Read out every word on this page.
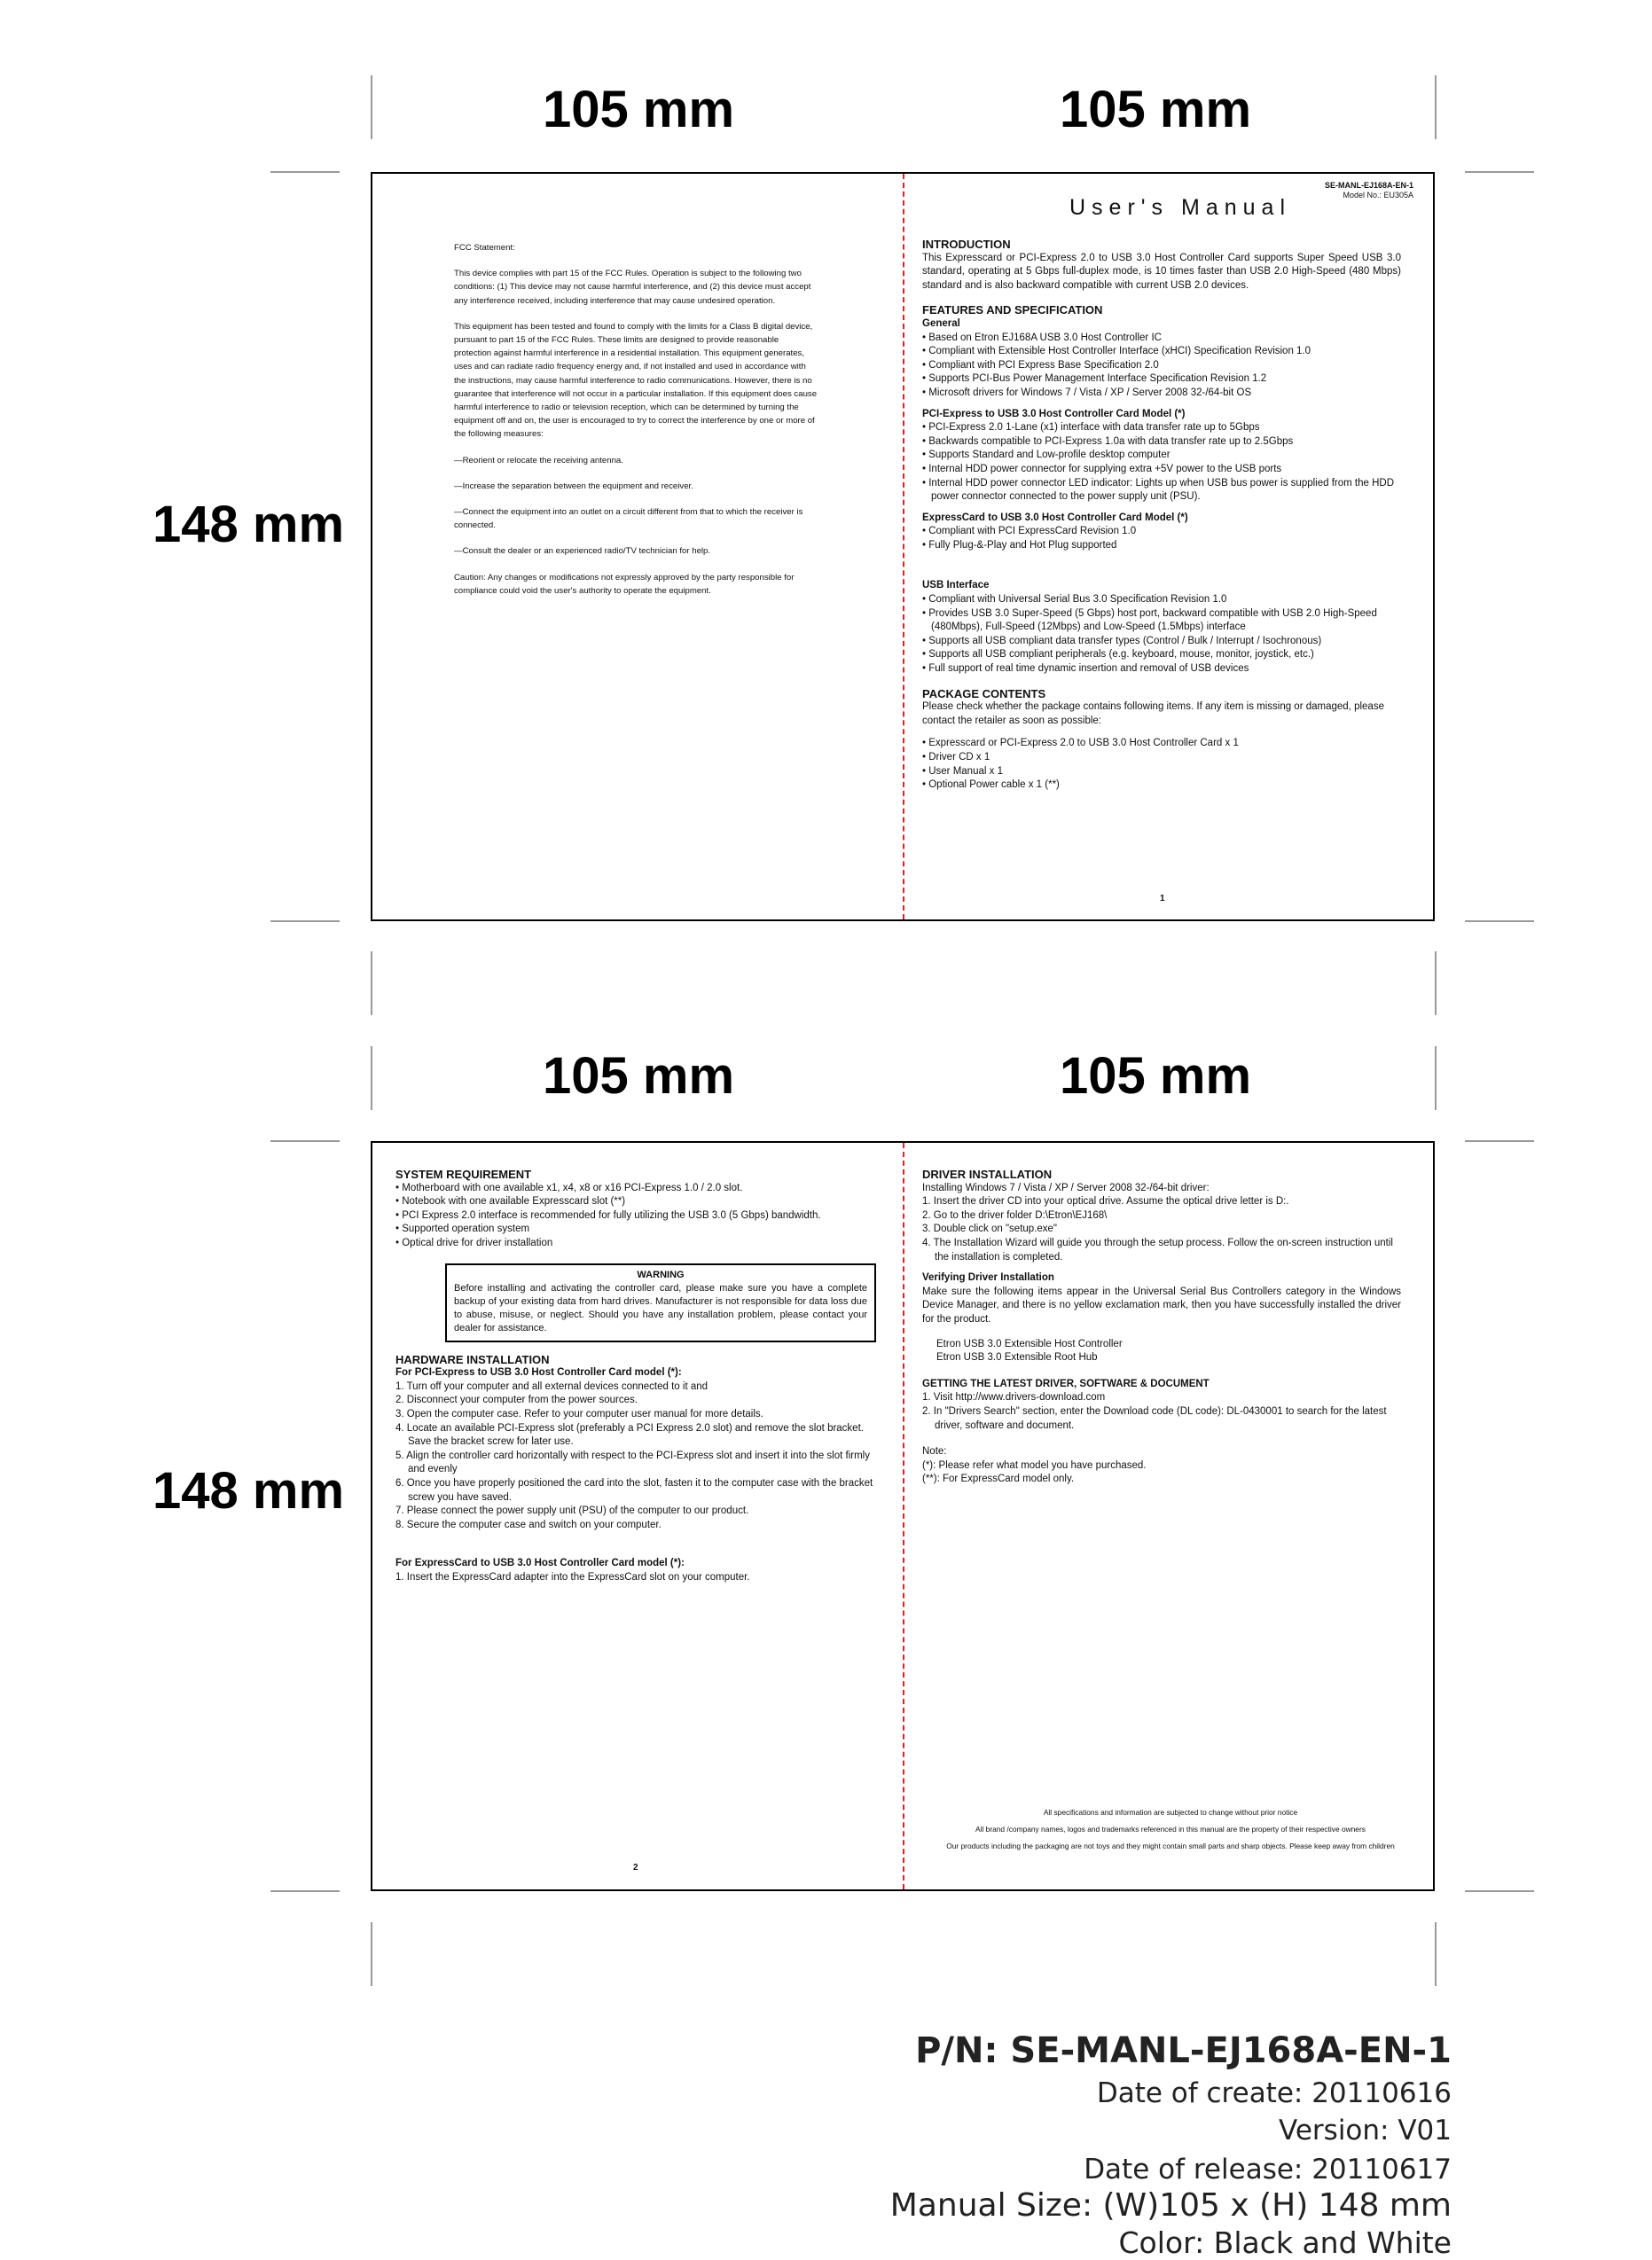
105 mm	105 mm
148 mm
105 mm	105 mm
148 mm

FCC Statement:

This device complies with part 15 of the FCC Rules. Operation is subject to the following two conditions: (1) This device may not cause harmful interference, and (2) this device must accept any interference received, including interference that may cause undesired operation.

This equipment has been tested and found to comply with the limits for a Class B digital device, pursuant to part 15 of the FCC Rules. These limits are designed to provide reasonable protection against harmful interference in a residential installation. This equipment generates, uses and can radiate radio frequency energy and, if not installed and used in accordance with the instructions, may cause harmful interference to radio communications. However, there is no guarantee that interference will not occur in a particular installation. If this equipment does cause harmful interference to radio or television reception, which can be determined by turning the equipment off and on, the user is encouraged to try to correct the interference by one or more of the following measures:

—Reorient or relocate the receiving antenna.

—Increase the separation between the equipment and receiver.

—Connect the equipment into an outlet on a circuit different from that to which the receiver is connected.

—Consult the dealer or an experienced radio/TV technician for help.

Caution: Any changes or modifications not expressly approved by the party responsible for compliance could void the user's authority to operate the equipment.

SE-MANL-EJ168A-EN-1
Model No.: EU305A
User's Manual

INTRODUCTION

This Expresscard or PCI-Express 2.0 to USB 3.0 Host Controller Card supports Super Speed USB 3.0 standard, operating at 5 Gbps full-duplex mode, is 10 times faster than USB 2.0 High-Speed (480 Mbps) standard and is also backward compatible with current USB 2.0 devices.

FEATURES AND SPECIFICATION

General

• Based on Etron EJ168A USB 3.0 Host Controller IC
• Compliant with Extensible Host Controller Interface (xHCI) Specification Revision 1.0
• Compliant with PCI Express Base Specification 2.0
• Supports PCI-Bus Power Management Interface Specification Revision 1.2
• Microsoft drivers for Windows 7 / Vista / XP / Server 2008 32-/64-bit OS

PCI-Express to USB 3.0 Host Controller Card Model (*)

• PCI-Express 2.0 1-Lane (x1) interface with data transfer rate up to 5Gbps
• Backwards compatible to PCI-Express 1.0a with data transfer rate up to 2.5Gbps
• Supports Standard and Low-profile desktop computer
• Internal HDD power connector for supplying extra +5V power to the USB ports
• Internal HDD power connector LED indicator: Lights up when USB bus power is supplied from the HDD power connector connected to the power supply unit (PSU).

ExpressCard to USB 3.0 Host Controller Card Model (*)

• Compliant with PCI ExpressCard Revision 1.0
• Fully Plug-&-Play and Hot Plug supported

USB Interface

• Compliant with Universal Serial Bus 3.0 Specification Revision 1.0
• Provides USB 3.0 Super-Speed (5 Gbps) host port, backward compatible with USB 2.0 High-Speed (480Mbps), Full-Speed (12Mbps) and Low-Speed (1.5Mbps) interface
• Supports all USB compliant data transfer types (Control / Bulk / Interrupt / Isochronous)
• Supports all USB compliant peripherals (e.g. keyboard, mouse, monitor, joystick, etc.)
• Full support of real time dynamic insertion and removal of USB devices

PACKAGE CONTENTS

Please check whether the package contains following items. If any item is missing or damaged, please contact the retailer as soon as possible:

• Expresscard or PCI-Express 2.0 to USB 3.0 Host Controller Card x 1
• Driver CD x 1
• User Manual x 1
• Optional Power cable x 1 (**)
1

SYSTEM REQUIREMENT

• Motherboard with one available x1, x4, x8 or x16 PCI-Express 1.0 / 2.0 slot.
• Notebook with one available Expresscard slot (**)
• PCI Express 2.0 interface is recommended for fully utilizing the USB 3.0 (5 Gbps) bandwidth.
• Supported operation system
• Optical drive for driver installation
WARNING
Before installing and activating the controller card, please make sure you have a complete backup of your existing data from hard drives. Manufacturer is not responsible for data loss due to abuse, misuse, or neglect. Should you have any installation problem, please contact your dealer for assistance.

HARDWARE INSTALLATION

For PCI-Express to USB 3.0 Host Controller Card model (*):

1. Turn off your computer and all external devices connected to it and
2. Disconnect your computer from the power sources.
3. Open the computer case. Refer to your computer user manual for more details.
4. Locate an available PCI-Express slot (preferably a PCI Express 2.0 slot) and remove the slot bracket. Save the bracket screw for later use.
5. Align the controller card horizontally with respect to the PCI-Express slot and insert it into the slot firmly and evenly
6. Once you have properly positioned the card into the slot, fasten it to the computer case with the bracket screw you have saved.
7. Please connect the power supply unit (PSU) of the computer to our product.
8. Secure the computer case and switch on your computer.

For ExpressCard to USB 3.0 Host Controller Card model (*):

1. Insert the ExpressCard adapter into the ExpressCard slot on your computer.
2

DRIVER INSTALLATION

Installing Windows 7 / Vista / XP / Server 2008 32-/64-bit driver:

1. Insert the driver CD into your optical drive. Assume the optical drive letter is D:.
2. Go to the driver folder D:\Etron\EJ168\
3. Double click on "setup.exe"
4. The Installation Wizard will guide you through the setup process. Follow the on-screen instruction until the installation is completed.

Verifying Driver Installation

Make sure the following items appear in the Universal Serial Bus Controllers category in the Windows Device Manager, and there is no yellow exclamation mark, then you have successfully installed the driver for the product.

Etron USB 3.0 Extensible Host Controller

Etron USB 3.0 Extensible Root Hub

GETTING THE LATEST DRIVER, SOFTWARE & DOCUMENT

1. Visit http://www.drivers-download.com
2. In "Drivers Search" section, enter the Download code (DL code): DL-0430001 to search for the latest driver, software and document.

Note:

(*): Please refer what model you have purchased.

(**): For ExpressCard model only.

All specifications and information are subjected to change without prior notice
All brand /company names, logos and trademarks referenced in this manual are the property of their respective owners
Our products including the packaging are not toys and they might contain small parts and sharp objects. Please keep away from children
P/N: SE-MANL-EJ168A-EN-1
Date of create: 20110616
Version: V01
Date of release: 20110617
Manual Size: (W)105 x (H) 148 mm
Color: Black and White
